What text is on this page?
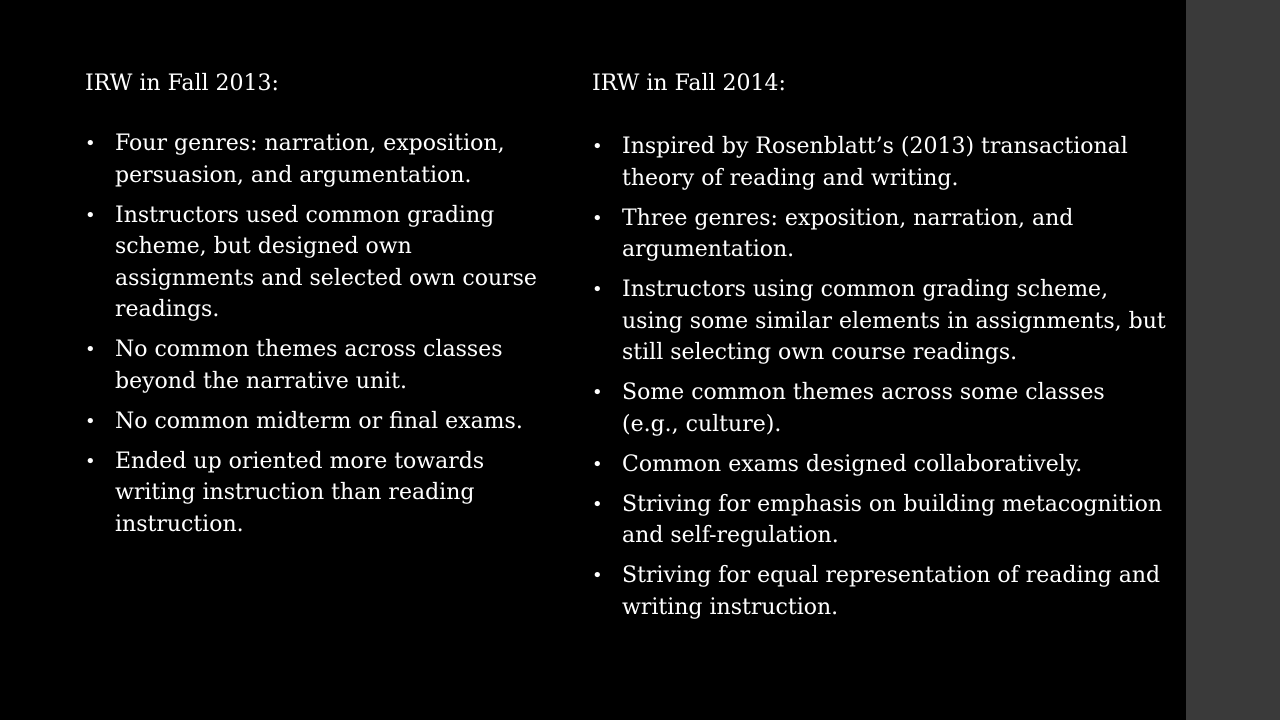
IRW in Fall 2013:
• Four genres: narration, exposition, persuasion, and argumentation.
• Instructors used common grading scheme, but designed own assignments and selected own course readings.
• No common themes across classes beyond the narrative unit.
• No common midterm or final exams.
• Ended up oriented more towards writing instruction than reading instruction.
IRW in Fall 2014:
• Inspired by Rosenblatt’s (2013) transactional theory of reading and writing.
• Three genres: exposition, narration, and argumentation.
• Instructors using common grading scheme, using some similar elements in assignments, but still selecting own course readings.
• Some common themes across some classes (e.g., culture).
• Common exams designed collaboratively.
• Striving for emphasis on building metacognition and self-regulation.
• Striving for equal representation of reading and writing instruction.
